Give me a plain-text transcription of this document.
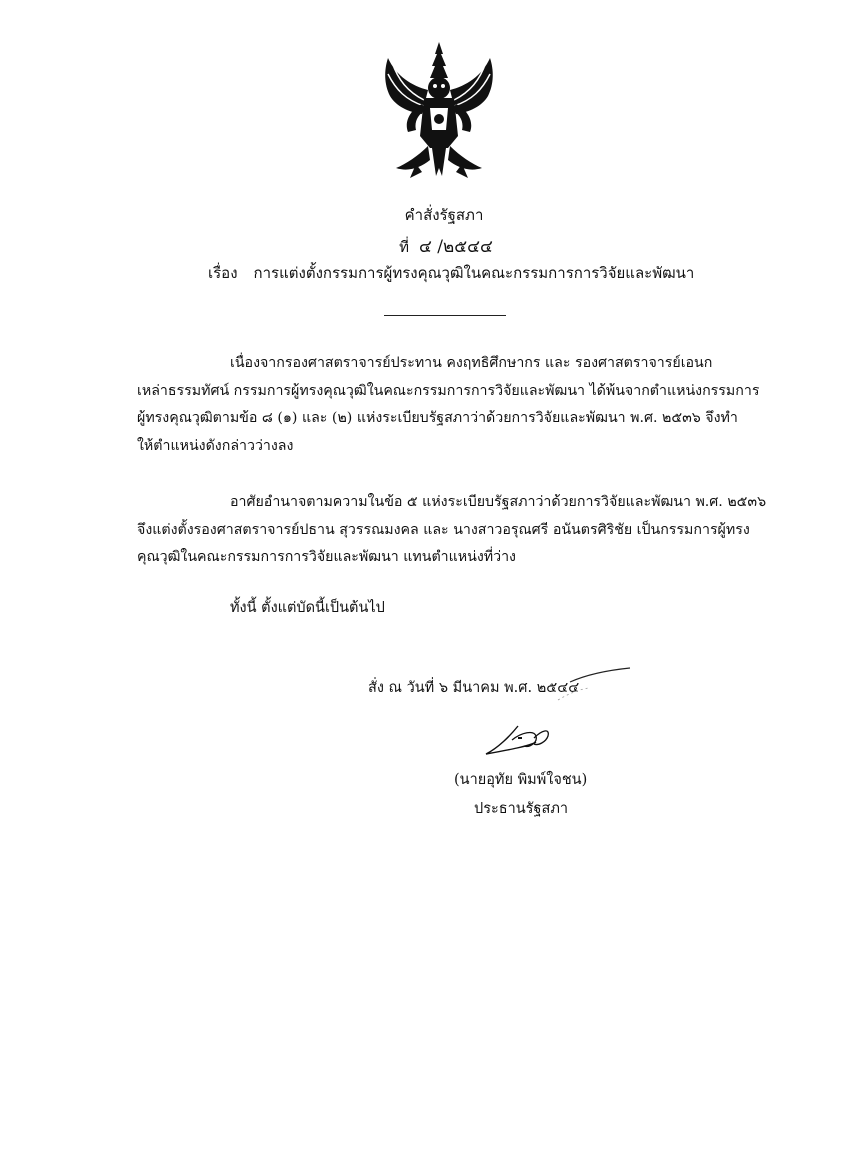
คำสั่งรัฐสภา
ที่ ๔ /๒๕๔๔
เรื่อง การแต่งตั้งกรรมการผู้ทรงคุณวุฒิในคณะกรรมการการวิจัยและพัฒนา
เนื่องจากรองศาสตราจารย์ประทาน คงฤทธิศึกษากร และ รองศาสตราจารย์เอนก
เหล่าธรรมทัศน์ กรรมการผู้ทรงคุณวุฒิในคณะกรรมการการวิจัยและพัฒนา ได้พ้นจากตำแหน่งกรรมการ
ผู้ทรงคุณวุฒิตามข้อ ๘ (๑) และ (๒) แห่งระเบียบรัฐสภาว่าด้วยการวิจัยและพัฒนา พ.ศ. ๒๕๓๖ จึงทำ
ให้ตำแหน่งดังกล่าวว่างลง
อาศัยอำนาจตามความในข้อ ๕ แห่งระเบียบรัฐสภาว่าด้วยการวิจัยและพัฒนา พ.ศ. ๒๕๓๖
จึงแต่งตั้งรองศาสตราจารย์ปธาน สุวรรณมงคล และ นางสาวอรุณศรี อนันตรศิริชัย เป็นกรรมการผู้ทรง
คุณวุฒิในคณะกรรมการการวิจัยและพัฒนา แทนตำแหน่งที่ว่าง
ทั้งนี้ ตั้งแต่บัดนี้เป็นต้นไป
สั่ง ณ วันที่ ๖ มีนาคม พ.ศ. ๒๕๔๔
(นายอุทัย พิมพ์ใจชน)
ประธานรัฐสภา
